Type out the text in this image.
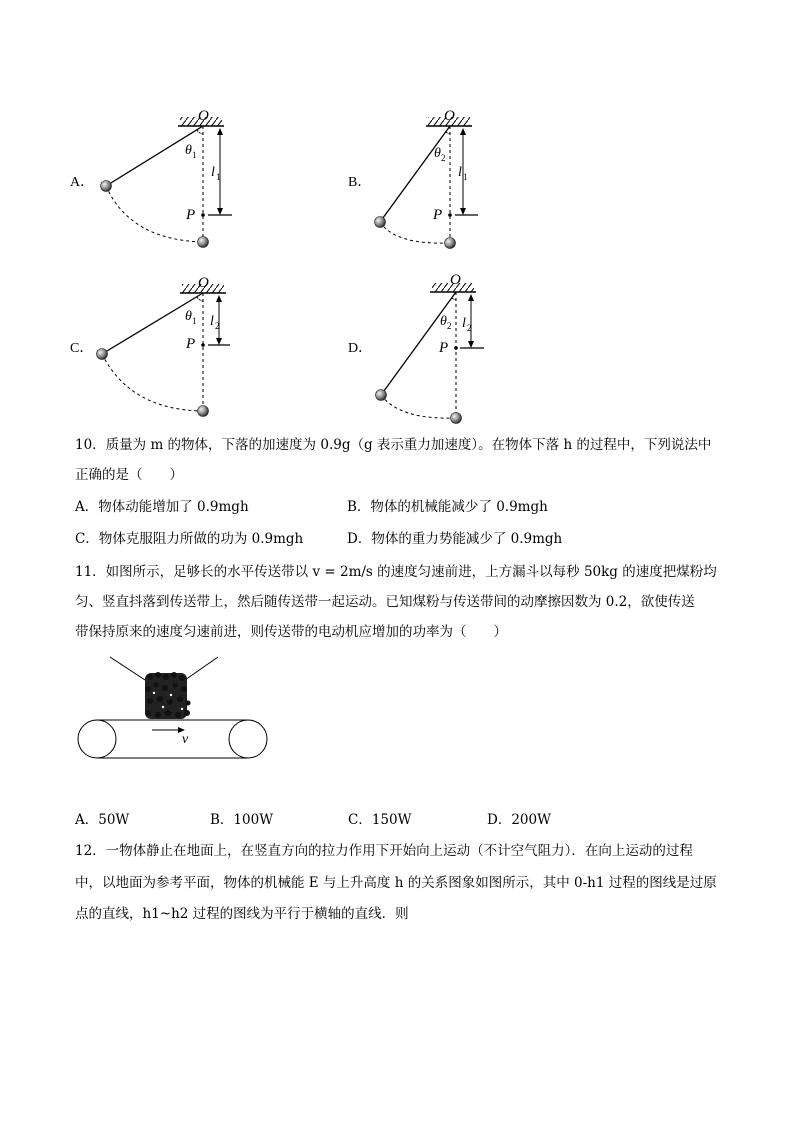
A．
O
θ 1
l 1
P
B．
O
θ 2
l 1
P
C．
O
θ 1 l 2
P	D．
O
θ 2 l 2
P
10．质量为 m 的物体，下落的加速度为 0.9g（g 表示重力加速度）。在物体下落 h 的过程中，下列说法中
正确的是（　　）
A．物体动能增加了 0.9mgh	B．物体的机械能减少了 0.9mgh
C．物体克服阻力所做的功为 0.9mgh	D．物体的重力势能减少了 0.9mgh
11．如图所示，足够长的水平传送带以 v = 2m/s 的速度匀速前进，上方漏斗以每秒 50kg 的速度把煤粉均
匀、竖直抖落到传送带上，然后随传送带一起运动。已知煤粉与传送带间的动摩擦因数为 0.2，欲使传送
带保持原来的速度匀速前进，则传送带的电动机应增加的功率为（　　）
v
A．50W	B．100W	C．150W	D．200W
12．一物体静止在地面上，在竖直方向的拉力作用下开始向上运动（不计空气阻力）．在向上运动的过程
中，以地面为参考平面，物体的机械能 E 与上升高度 h 的关系图象如图所示，其中 0-h1 过程的图线是过原
点的直线，h1~h2 过程的图线为平行于横轴的直线．则
